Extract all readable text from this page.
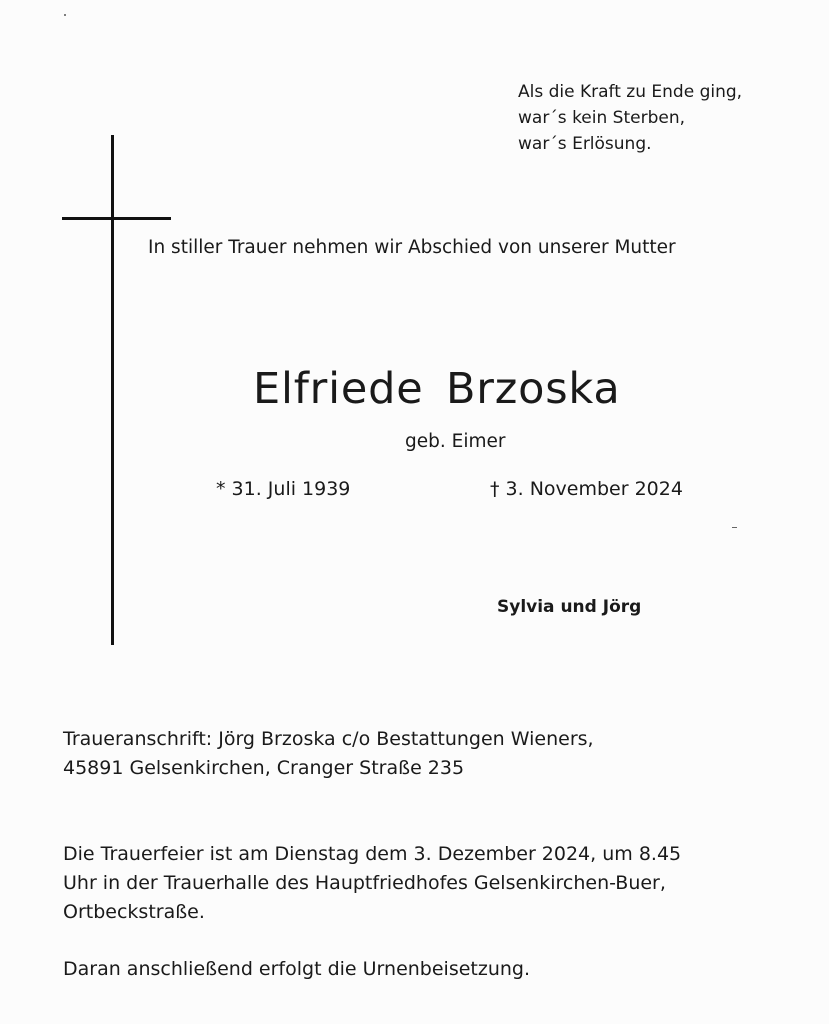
Als die Kraft zu Ende ging,
war´s kein Sterben,
war´s Erlösung.
In stiller Trauer nehmen wir Abschied von unserer Mutter
Elfriede Brzoska
geb. Eimer
* 31. Juli 1939	† 3. November 2024
Sylvia und Jörg
Traueranschrift: Jörg Brzoska c/o Bestattungen Wieners,
45891 Gelsenkirchen, Cranger Straße 235
Die Trauerfeier ist am Dienstag dem 3. Dezember 2024, um 8.45
Uhr in der Trauerhalle des Hauptfriedhofes Gelsenkirchen-Buer,
Ortbeckstraße.
Daran anschließend erfolgt die Urnenbeisetzung.
